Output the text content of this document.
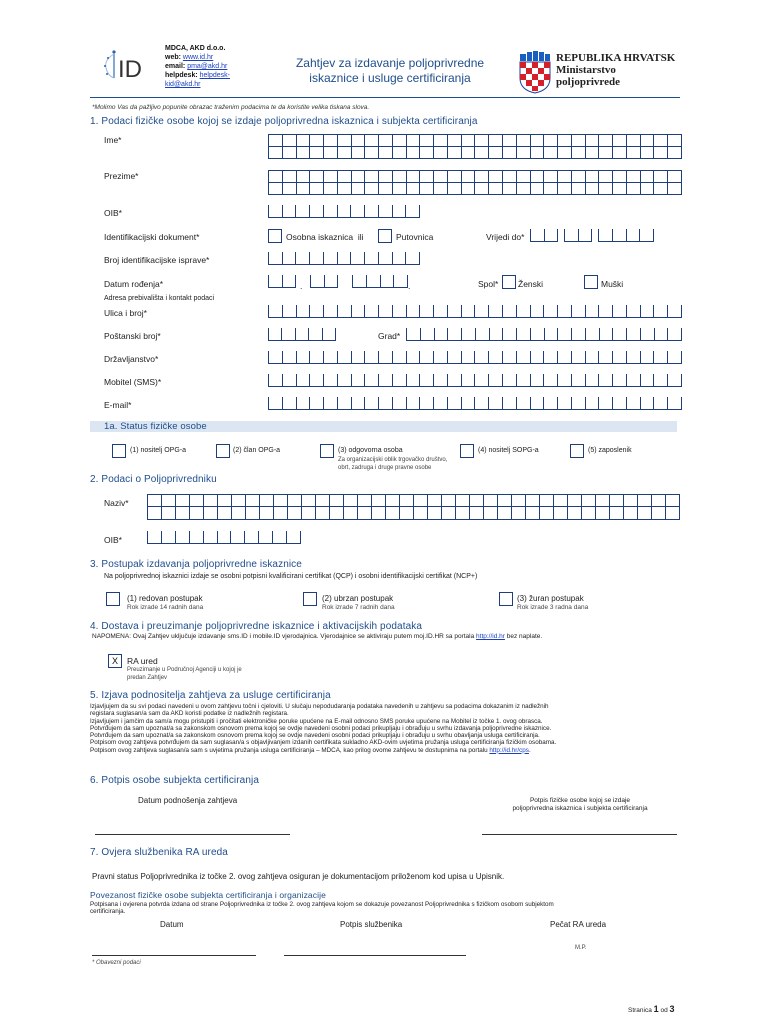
ID
MDCA, AKD d.o.o.
web: www.id.hr
email: pma@akd.hr
helpdesk: helpdesk-
kid@akd.hr
Zahtjev za izdavanje poljoprivredne
iskaznice i usluge certificiranja
REPUBLIKA HRVATSK
Ministarstvo
poljoprivrede
*Molimo Vas da pažljivo popunite obrazac traženim podacima te da koristite velika tiskana slova.
1. Podaci fizičke osobe kojoj se izdaje poljoprivredna iskaznica i subjekta certificiranja
Ime*
Prezime*
OIB*
Identifikacijski dokument*	Osobna iskaznica ili	Putovnica	Vrijedi do*
Broj identifikacijske isprave*
Datum rođenja*	.	.	Spol* Ženski	Muški
Adresa prebivališta i kontakt podaci
Ulica i broj*
Poštanski broj*	Grad*
Državljanstvo*
Mobitel (SMS)*
E-mail*
1a. Status fizičke osobe
(1) nositelj OPG-a	(2) član OPG-a	(3) odgovorna osoba
Za organizacijski oblik trgovačko društvo,
obrt, zadruga i druge pravne osobe
(4) nositelj SOPG-a	(5) zaposlenik
2. Podaci o Poljoprivredniku
Naziv*
OIB*
3. Postupak izdavanja poljoprivredne iskaznice
Na poljoprivrednoj iskaznici izdaje se osobni potpisni kvalificirani certifikat (QCP) i osobni identifikacijski certifikat (NCP+)
(1) redovan postupak
Rok izrade 14 radnih dana
(2) ubrzan postupak
Rok izrade 7 radnih dana
(3) žuran postupak
Rok izrade 3 radna dana
4. Dostava i preuzimanje poljoprivredne iskaznice i aktivacijskih podataka
NAPOMENA: Ovaj Zahtjev uključuje izdavanje sms.ID i mobile.ID vjerodajnica. Vjerodajnice se aktiviraju putem moj.ID.HR sa portala http://id.hr bez naplate.
X	RA ured
Preuzimanje u Područnoj Agenciji u kojoj je
predan Zahtjev
5. Izjava podnositelja zahtjeva za usluge certificiranja
Izjavljujem da su svi podaci navedeni u ovom zahtjevu točni i cjeloviti. U slučaju nepodudaranja podataka navedenih u zahtjevu sa podacima dokazanim iz nadležnih
registara suglasan/a sam da AKD koristi podatke iz nadležnih registara.
Izjavljujem i jamčim da sam/a mogu pristupiti i pročitati elektroničke poruke upućene na E-mail odnosno SMS poruke upućene na Mobitel iz točke 1. ovog obrasca.
Potvrđujem da sam upoznat/a sa zakonskom osnovom prema kojoj se ovdje navedeni osobni podaci prikupljaju i obrađuju u svrhu izdavanja poljoprivredne iskaznice.
Potvrđujem da sam upoznat/a sa zakonskom osnovom prema kojoj se ovdje navedeni osobni podaci prikupljaju i obrađuju u svrhu obavljanja usluga certificiranja.
Potpisom ovog zahtjeva potvrđujem da sam suglasan/a s objavljivanjem izdanih certifikata sukladno AKD-ovim uvjetima pružanja usluga certificiranja fizičkim osobama.
Potpisom ovog zahtjeva suglasan/a sam s uvjetima pružanja usluga certificiranja – MDCA, kao prilog ovome zahtjevu te dostupnima na portalu http://id.hr/cps.
6. Potpis osobe subjekta certificiranja
Datum podnošenja zahtjeva	Potpis fizičke osobe kojoj se izdaje
poljoprivredna iskaznica i subjekta certificiranja
7. Ovjera službenika RA ureda
Pravni status Poljoprivrednika iz točke 2. ovog zahtjeva osiguran je dokumentacijom priloženom kod upisa u Upisnik.
Povezanost fizičke osobe subjekta certificiranja i organizacije
Potpisana i ovjerena potvrda izdana od strane Poljoprivrednika iz točke 2. ovog zahtjeva kojom se dokazuje povezanost Poljoprivrednika s fizičkom osobom subjektom
certificiranja.
Datum	Potpis službenika	Pečat RA ureda
M.P.
* Obavezni podaci
Stranica 1 od 3
